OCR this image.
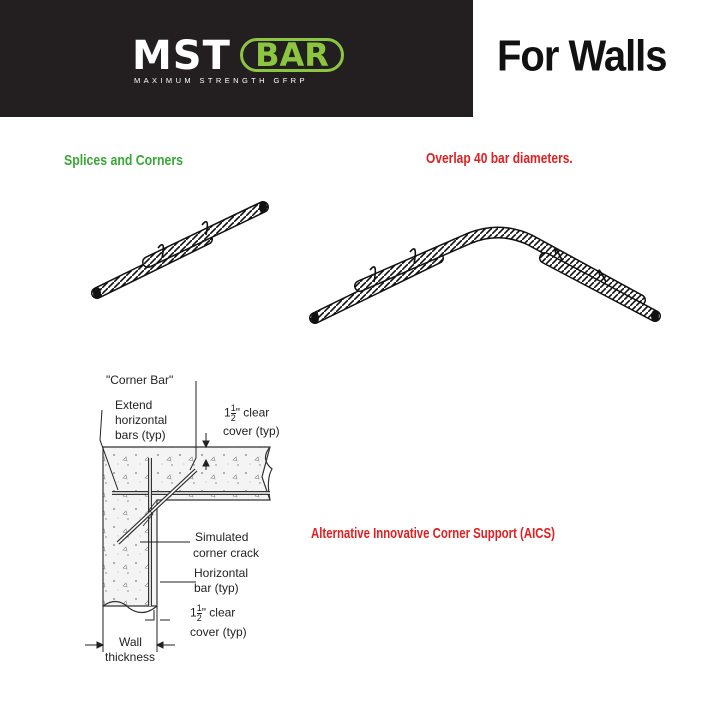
MST BAR
MAXIMUM STRENGTH GFRP
For Walls
Splices and Corners	Overlap 40 bar diameters.
Alternative Innovative Corner Support (AICS)
"Corner Bar"
Extend
horizontal
bars (typ)
$1 \frac{1}{2}$ " clear
cover (typ)
Simulated
corner crack
Horizontal
bar (typ)
$1 \frac{1}{2}$ " clear
cover (typ)
Wall
thickness
